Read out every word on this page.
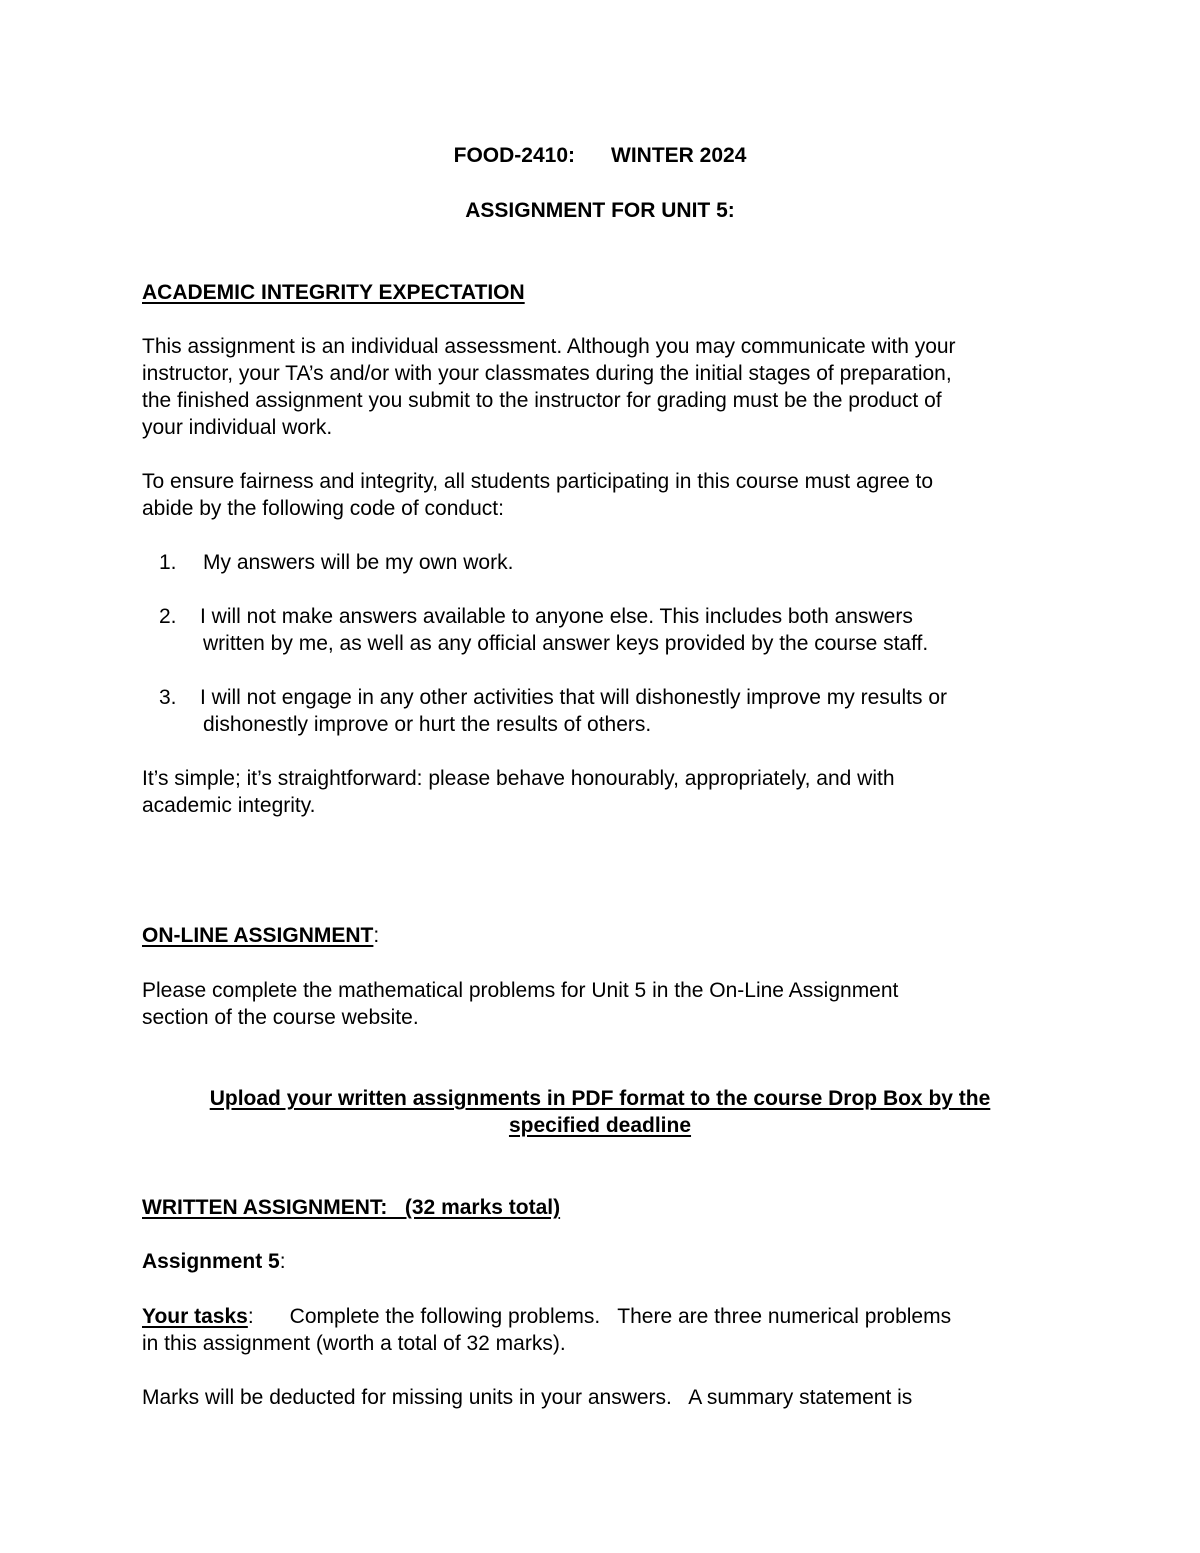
FOOD-2410: WINTER 2024

ASSIGNMENT FOR UNIT 5:

ACADEMIC INTEGRITY EXPECTATION

This assignment is an individual assessment. Although you may communicate with your

instructor, your TA’s and/or with your classmates during the initial stages of preparation,

the finished assignment you submit to the instructor for grading must be the product of

your individual work.

To ensure fairness and integrity, all students participating in this course must agree to

abide by the following code of conduct:

1. My answers will be my own work.

2. I will not make answers available to anyone else. This includes both answers

written by me, as well as any official answer keys provided by the course staff.

3. I will not engage in any other activities that will dishonestly improve my results or

dishonestly improve or hurt the results of others.

It’s simple; it’s straightforward: please behave honourably, appropriately, and with

academic integrity.

ON-LINE ASSIGNMENT:

Please complete the mathematical problems for Unit 5 in the On-Line Assignment

section of the course website.

Upload your written assignments in PDF format to the course Drop Box by the

specified deadline

WRITTEN ASSIGNMENT:   (32 marks total)

Assignment 5:

Your tasks: Complete the following problems.   There are three numerical problems

in this assignment (worth a total of 32 marks).

Marks will be deducted for missing units in your answers.   A summary statement is
